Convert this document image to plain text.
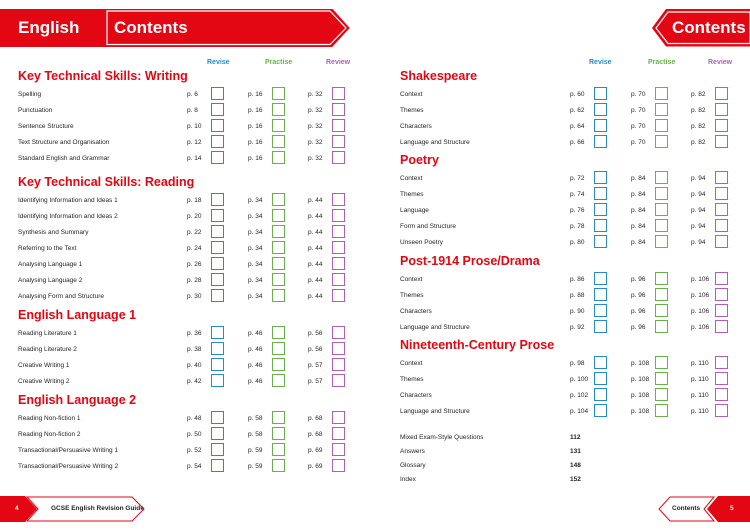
English Contents	Contents
Revise	Practise	Review	Revise	Practise	Review
Key Technical Skills: Writing
Spelling	p. 6	p. 16	p. 32
Punctuation	p. 8	p. 16	p. 32
Sentence Structure	p. 10	p. 16	p. 32
Text Structure and Organisation	p. 12	p. 16	p. 32
Standard English and Grammar	p. 14	p. 16	p. 32
Key Technical Skills: Reading
Identifying Information and Ideas 1	p. 18	p. 34	p. 44
Identifying Information and Ideas 2	p. 20	p. 34	p. 44
Synthesis and Summary	p. 22	p. 34	p. 44
Referring to the Text	p. 24	p. 34	p. 44
Analysing Language 1	p. 26	p. 34	p. 44
Analysing Language 2	p. 28	p. 34	p. 44
Analysing Form and Structure	p. 30	p. 34	p. 44
English Language 1
Reading Literature 1	p. 36	p. 46	p. 56
Reading Literature 2	p. 38	p. 46	p. 56
Creative Writing 1	p. 40	p. 46	p. 57
Creative Writing 2	p. 42	p. 46	p. 57
English Language 2
Reading Non-fiction 1	p. 48	p. 58	p. 68
Reading Non-fiction 2	p. 50	p. 58	p. 68
Transactional/Persuasive Writing 1	p. 52	p. 59	p. 69
Transactional/Persuasive Writing 2	p. 54	p. 59	p. 69
Shakespeare
Context	p. 60	p. 70	p. 82
Themes	p. 62	p. 70	p. 82
Characters	p. 64	p. 70	p. 82
Language and Structure	p. 66	p. 70	p. 82
Poetry
Context	p. 72	p. 84	p. 94
Themes	p. 74	p. 84	p. 94
Language	p. 76	p. 84	p. 94
Form and Structure	p. 78	p. 84	p. 94
Unseen Poetry	p. 80	p. 84	p. 94
Post-1914 Prose/Drama
Context	p. 86	p. 96	p. 106
Themes	p. 88	p. 96	p. 106
Characters	p. 90	p. 96	p. 106
Language and Structure	p. 92	p. 96	p. 106
Nineteenth-Century Prose
Context	p. 98	p. 108	p. 110
Themes	p. 100	p. 108	p. 110
Characters	p. 102	p. 108	p. 110
Language and Structure	p. 104	p. 108	p. 110
Mixed Exam-Style Questions	112
Answers	131
Glossary	148
Index	152
4	GCSE English Revision Guide	Contents	5
